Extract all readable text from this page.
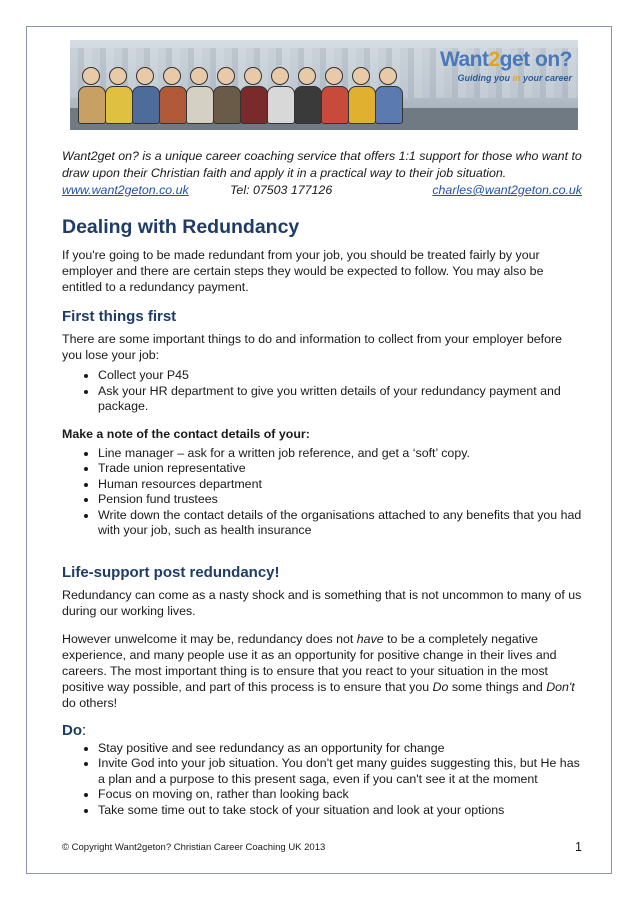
Want2get on?
Guiding you in your career

Want2get on? is a unique career coaching service that offers 1:1 support for those who want to draw upon their Christian faith and apply it in a practical way to their job situation.

www.want2geton.co.uk	Tel: 07503 177126	charles@want2geton.co.uk
Dealing with Redundancy

If you're going to be made redundant from your job, you should be treated fairly by your employer and there are certain steps they would be expected to follow. You may also be entitled to a redundancy payment.

First things first

There are some important things to do and information to collect from your employer before you lose your job:

• Collect your P45
• Ask your HR department to give you written details of your redundancy payment and package.

Make a note of the contact details of your:

• Line manager – ask for a written job reference, and get a ‘soft’ copy.
• Trade union representative
• Human resources department
• Pension fund trustees
• Write down the contact details of the organisations attached to any benefits that you had with your job, such as health insurance
Life-support post redundancy!

Redundancy can come as a nasty shock and is something that is not uncommon to many of us during our working lives.

However unwelcome it may be, redundancy does not have to be a completely negative experience, and many people use it as an opportunity for positive change in their lives and careers. The most important thing is to ensure that you react to your situation in the most positive way possible, and part of this process is to ensure that you Do some things and Don't do others!

Do:
• Stay positive and see redundancy as an opportunity for change
• Invite God into your job situation. You don't get many guides suggesting this, but He has a plan and a purpose to this present saga, even if you can't see it at the moment
• Focus on moving on, rather than looking back
• Take some time out to take stock of your situation and look at your options
© Copyright Want2geton? Christian Career Coaching UK 2013	1
